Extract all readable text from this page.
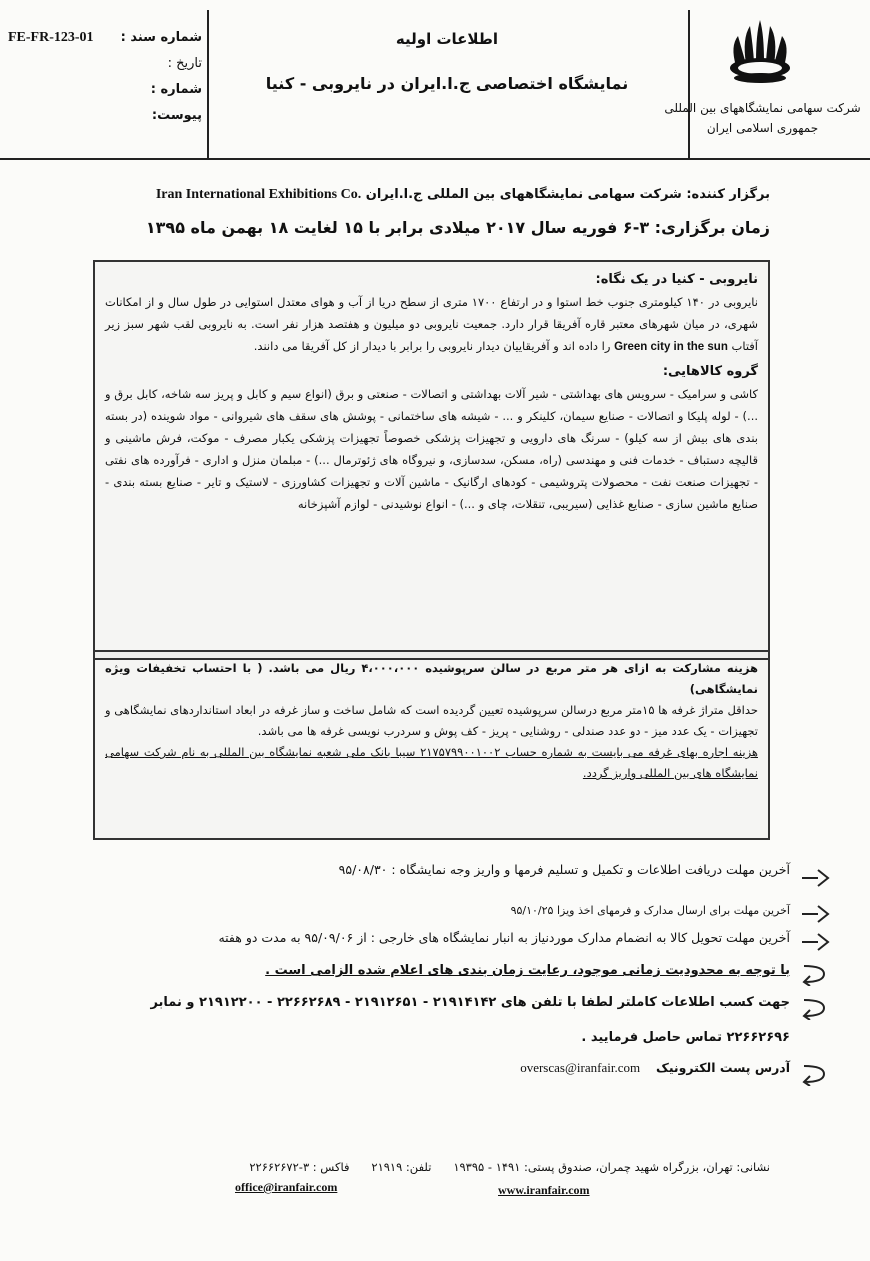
FE-FR-123-01 شماره سند :
تاریخ :
شماره :
پیوست:
اطلاعات اولیه
نمایشگاه اختصاصی ج.ا.ایران در نایروبی - کنیا
شرکت سهامی نمایشگاههای بین المللی
جمهوری اسلامی ایران
برگزار کننده: شرکت سهامی نمایشگاههای بین المللی ج.ا.ایران Iran International Exhibitions Co.
زمان برگزاری: ۳-۶ فوریه سال ۲۰۱۷ میلادی برابر با ۱۵ لغایت ۱۸ بهمن ماه ۱۳۹۵
نایروبی - کنیا در یک نگاه:
نایروبی در ۱۴۰ کیلومتری جنوب خط استوا و در ارتفاع ۱۷۰۰ متری از سطح دریا از آب و هوای معتدل استوایی در طول سال و از امکانات شهری، در میان شهرهای معتبر قاره آفریقا قرار دارد. جمعیت نایروبی دو میلیون و هفتصد هزار نفر است. به نایروبی لقب شهر سبز زیر آفتاب Green city in the sun را داده اند و آفریقاییان دیدار نایروبی را برابر با دیدار از کل آفریقا می دانند.
گروه کالاهایی:
کاشی و سرامیک - سرویس های بهداشتی - شیر آلات بهداشتی و اتصالات - صنعتی و برق (انواع سیم و کابل و پریز سه شاخه، کابل برق و ...) - لوله پلیکا و اتصالات - صنایع سیمان، کلینکر و ... - شیشه های ساختمانی - پوشش های سقف های شیروانی - مواد شوینده (در بسته بندی های بیش از سه کیلو) - سرنگ های دارویی و تجهیزات پزشکی خصوصاً تجهیزات پزشکی یکبار مصرف - موکت، فرش ماشینی و قالیچه دستباف - خدمات فنی و مهندسی (راه، مسکن، سدسازی، و نیروگاه های ژئوترمال ...) - مبلمان منزل و اداری - فرآورده های نفتی - تجهیزات صنعت نفت - محصولات پتروشیمی - کودهای ارگانیک - ماشین آلات و تجهیزات کشاورزی - لاستیک و تایر - صنایع بسته بندی - صنایع ماشین سازی - صنایع غذایی (سیریبی، تنقلات، چای و ...) - انواع نوشیدنی - لوازم آشپزخانه
هزینه مشارکت به ازای هر متر مربع در سالن سرپوشیده ۴،۰۰۰،۰۰۰ ریال می باشد. ( با احتساب تخفیفات ویژه نمایشگاهی)
حداقل متراژ غرفه ها ۱۵متر مربع درسالن سرپوشیده تعیین گردیده است که شامل ساخت و ساز غرفه در ابعاد استانداردهای نمایشگاهی و تجهیزات - یک عدد میز - دو عدد صندلی - روشنایی - پریز - کف پوش و سردرب نویسی غرفه ها می باشد.
هزینه اجاره بهای غرفه می بایست به شماره حساب ۲۱۷۵۷۹۹۰۰۱۰۰۲ سیبا بانک ملی شعبه نمایشگاه بین المللی به نام شرکت سهامی نمایشگاه های بین المللی واریز گردد.
آخرین مهلت دریافت اطلاعات و تکمیل و تسلیم فرمها و واریز وجه نمایشگاه : ۹۵/۰۸/۳۰
آخرین مهلت برای ارسال مدارک و فرمهای اخذ ویزا ۹۵/۱۰/۲۵
آخرین مهلت تحویل کالا به انضمام مدارک موردنیاز به انبار نمایشگاه های خارجی : از ۹۵/۰۹/۰۶ به مدت دو هفته
با توجه به محدودیت زمانی موجود، رعایت زمان بندی های اعلام شده الزامی است .
جهت کسب اطلاعات کاملتر لطفا با تلفن های ۲۱۹۱۴۱۴۲ - ۲۱۹۱۲۶۵۱ - ۲۲۶۶۲۶۸۹ - ۲۱۹۱۲۲۰۰ و نمابر
۲۲۶۶۲۶۹۶ تماس حاصل فرمایید .
آدرس پست الکترونیک    overscas@iranfair.com
نشانی: تهران، بزرگراه شهید چمران، صندوق پستی: ۱۴۹۱ - ۱۹۳۹۵      تلفن: ۲۱۹۱۹      فاکس : ۳-۲۲۶۶۲۶۷۲
www.iranfair.com
office@iranfair.com
